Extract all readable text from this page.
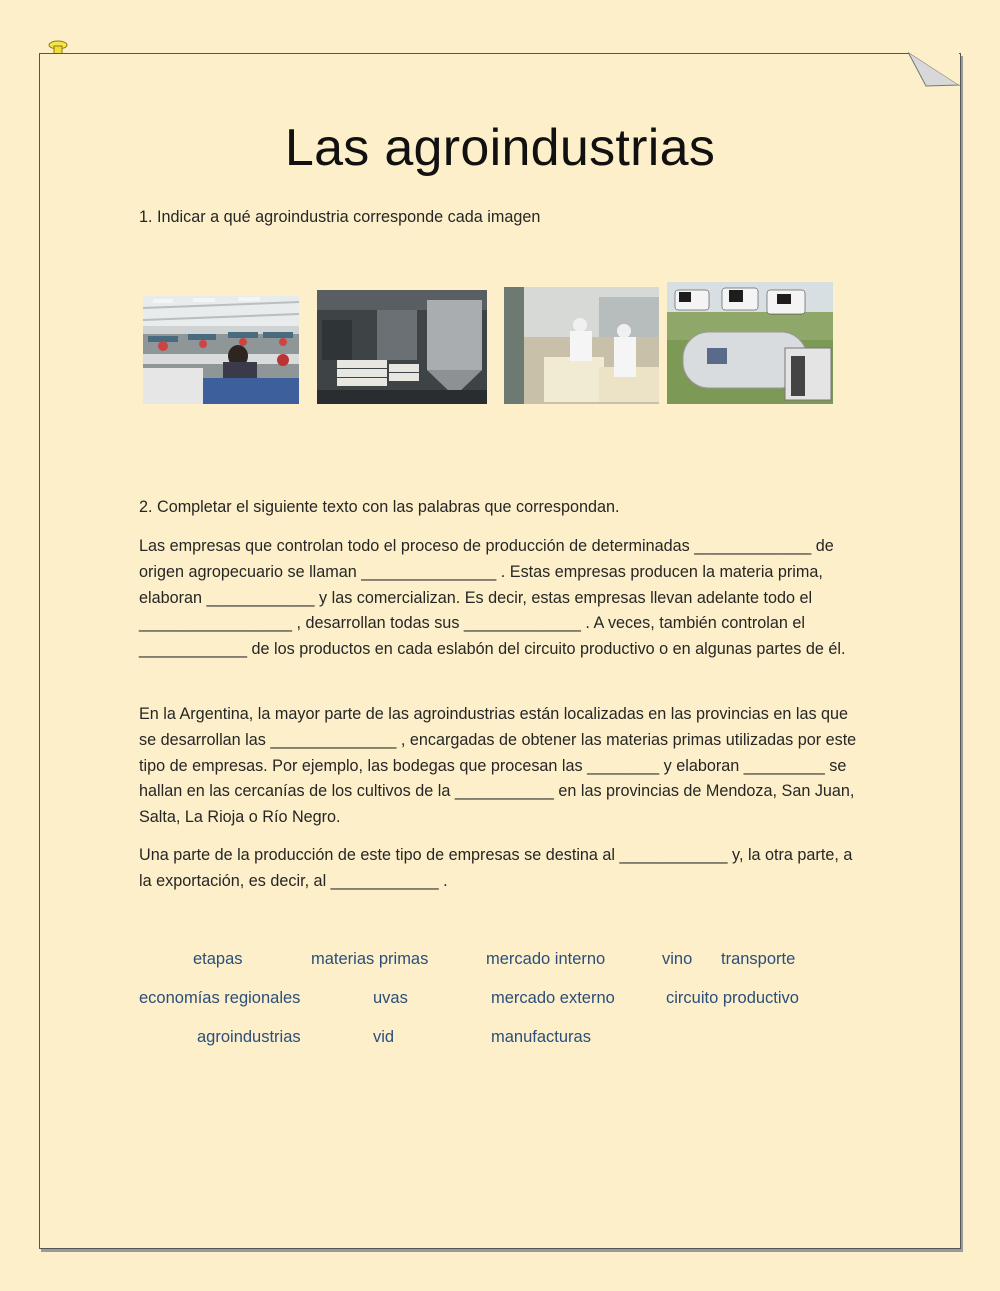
Las agroindustrias

1. Indicar a qué agroindustria corresponde cada imagen

2. Completar el siguiente texto con las palabras que correspondan.

Las empresas que controlan todo el proceso de producción de determinadas _____________ de origen agropecuario se llaman _______________ . Estas empresas producen la materia prima, elaboran ____________ y las comercializan. Es decir, estas empresas llevan adelante todo el _________________ , desarrollan todas sus _____________ . A veces, también controlan el ____________ de los productos en cada eslabón del circuito productivo o en algunas partes de él.

En la Argentina, la mayor parte de las agroindustrias están localizadas en las provincias en las que se desarrollan las ______________ , encargadas de obtener las materias primas utilizadas por este tipo de empresas. Por ejemplo, las bodegas que procesan las ________ y elaboran _________ se hallan en las cercanías de los cultivos de la ___________ en las provincias de Mendoza, San Juan, Salta, La Rioja o Río Negro.

Una parte de la producción de este tipo de empresas se destina al ____________ y, la otra parte, a la exportación, es decir, al ____________ .

etapas	materias primas	mercado interno	vino transporte
economías regionales	uvas	mercado externo	circuito productivo
agroindustrias	vid	manufacturas
